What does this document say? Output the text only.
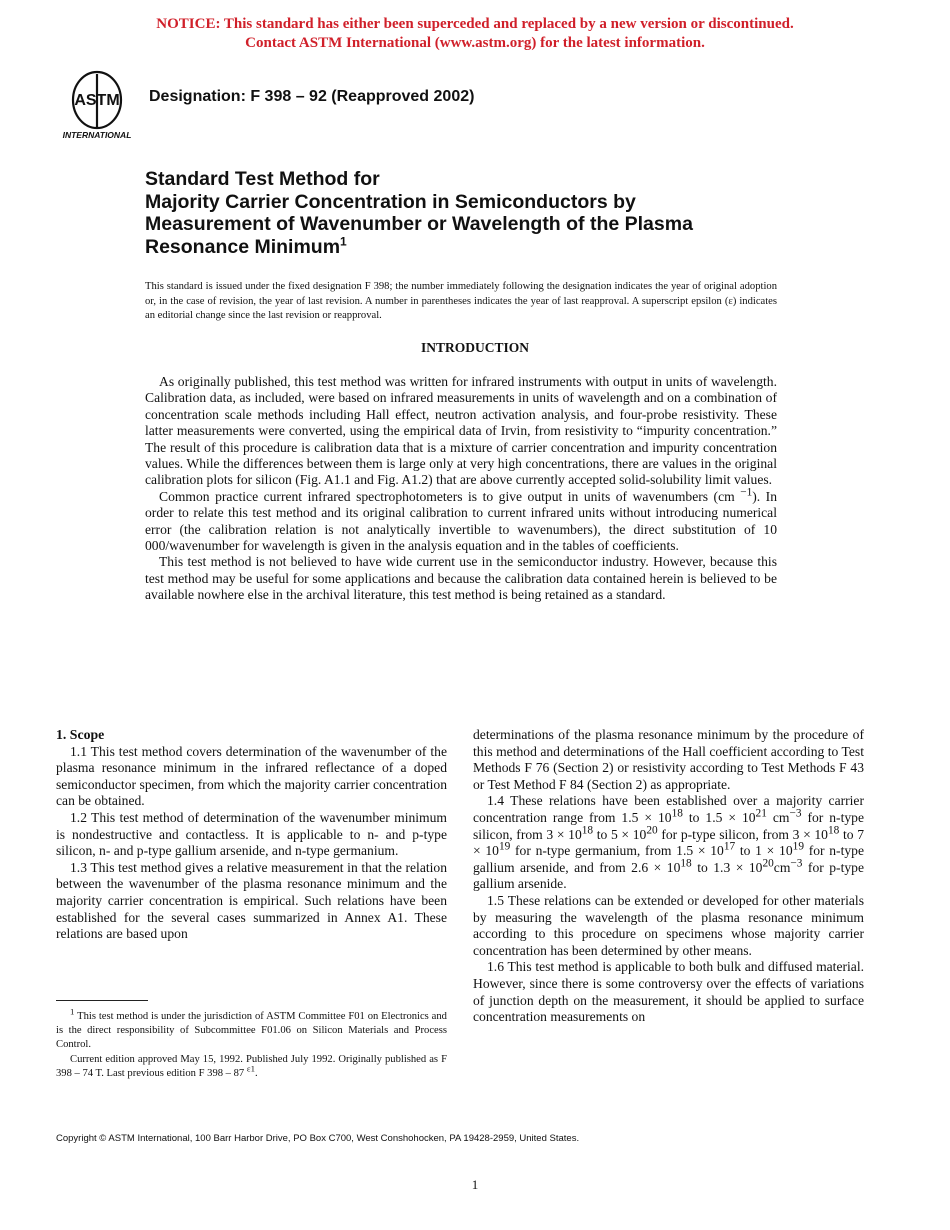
NOTICE: This standard has either been superceded and replaced by a new version or discontinued.
Contact ASTM International (www.astm.org) for the latest information.
ASTM
INTERNATIONAL
Designation: F 398 – 92 (Reapproved 2002)
Standard Test Method for
Majority Carrier Concentration in Semiconductors by
Measurement of Wavenumber or Wavelength of the Plasma
Resonance Minimum$^1$
This standard is issued under the fixed designation F 398; the number immediately following the designation indicates the year of original adoption or, in the case of revision, the year of last revision. A number in parentheses indicates the year of last reapproval. A superscript epsilon (ε) indicates an editorial change since the last revision or reapproval.
INTRODUCTION

As originally published, this test method was written for infrared instruments with output in units of wavelength. Calibration data, as included, were based on infrared measurements in units of wavelength and on a combination of concentration scale methods including Hall effect, neutron activation analysis, and four-probe resistivity. These latter measurements were converted, using the empirical data of Irvin, from resistivity to “impurity concentration.” The result of this procedure is calibration data that is a mixture of carrier concentration and impurity concentration values. While the differences between them is large only at very high concentrations, there are values in the original calibration plots for silicon (Fig. A1.1 and Fig. A1.2) that are above currently accepted solid-solubility limit values.

Common practice current infrared spectrophotometers is to give output in units of wavenumbers (cm $^{-1}$). In order to relate this test method and its original calibration to current infrared units without introducing numerical error (the calibration relation is not analytically invertible to wavenumbers), the direct substitution of 10 000/wavenumber for wavelength is given in the analysis equation and in the tables of coefficients.

This test method is not believed to have wide current use in the semiconductor industry. However, because this test method may be useful for some applications and because the calibration data contained herein is believed to be available nowhere else in the archival literature, this test method is being retained as a standard.

1. Scope

1.1 This test method covers determination of the wavenumber of the plasma resonance minimum in the infrared reflectance of a doped semiconductor specimen, from which the majority carrier concentration can be obtained.

1.2 This test method of determination of the wavenumber minimum is nondestructive and contactless. It is applicable to n- and p-type silicon, n- and p-type gallium arsenide, and n-type germanium.

1.3 This test method gives a relative measurement in that the relation between the wavenumber of the plasma resonance minimum and the majority carrier concentration is empirical. Such relations have been established for the several cases summarized in Annex A1. These relations are based upon

$^1$ This test method is under the jurisdiction of ASTM Committee F01 on Electronics and is the direct responsibility of Subcommittee F01.06 on Silicon Materials and Process Control.

Current edition approved May 15, 1992. Published July 1992. Originally published as F 398 – 74 T. Last previous edition F 398 – 87 $^{\varepsilon 1}$.

determinations of the plasma resonance minimum by the procedure of this method and determinations of the Hall coefficient according to Test Methods F 76 (Section 2) or resistivity according to Test Methods F 43 or Test Method F 84 (Section 2) as appropriate.

1.4 These relations have been established over a majority carrier concentration range from $1.5 \times 10^{18}$ to $1.5 \times 10^{21}$ $cm^{-3}$ for n-type silicon, from $3 \times 10^{18}$ to $5 \times 10^{20}$ for p-type silicon, from $3 \times 10^{18}$ to $7 \times 10^{19}$ for n-type germanium, from $1.5 \times 10^{17}$ to $1 \times 10^{19}$ for n-type gallium arsenide, and from $2.6 \times 10^{18}$ to $1.3 \times 10^{20}cm^{-3}$ for p-type gallium arsenide.

1.5 These relations can be extended or developed for other materials by measuring the wavelength of the plasma resonance minimum according to this procedure on specimens whose majority carrier concentration has been determined by other means.

1.6 This test method is applicable to both bulk and diffused material. However, since there is some controversy over the effects of variations of junction depth on the measurement, it should be applied to surface concentration measurements on

Copyright © ASTM International, 100 Barr Harbor Drive, PO Box C700, West Conshohocken, PA 19428-2959, United States.
1
